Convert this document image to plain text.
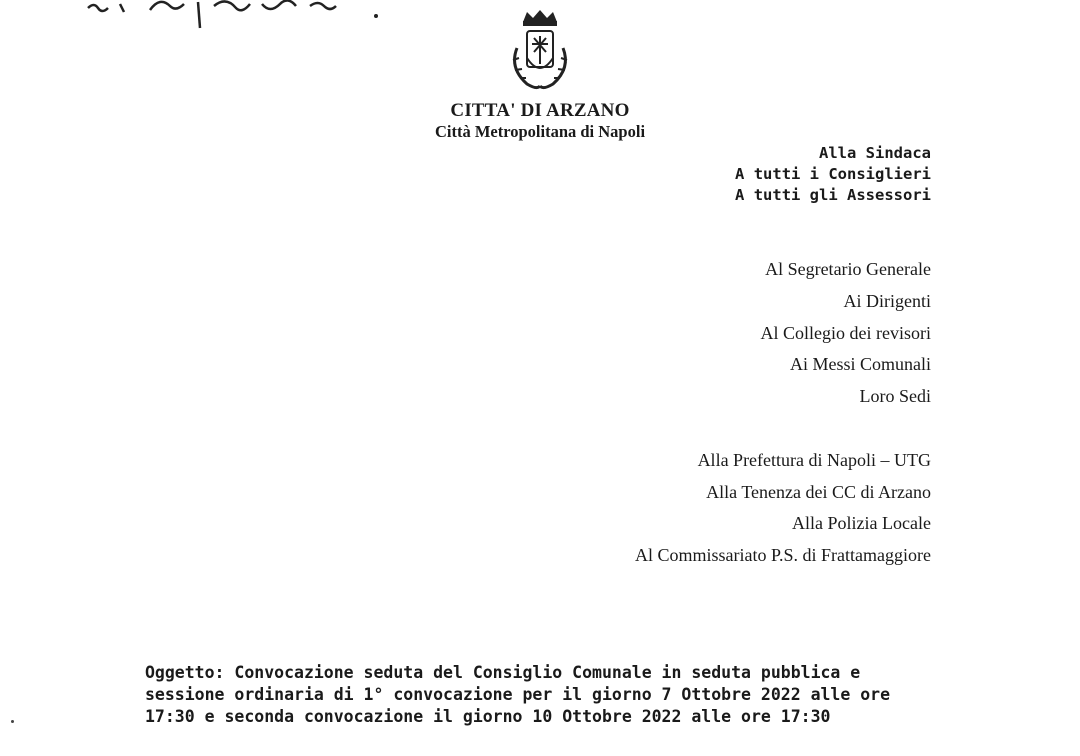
CITTA' DI ARZANO
Città Metropolitana di Napoli
Alla Sindaca
A tutti i Consiglieri
A tutti gli Assessori
Al Segretario Generale
Ai Dirigenti
Al Collegio dei revisori
Ai Messi Comunali
Loro Sedi
Alla Prefettura di Napoli – UTG
Alla Tenenza dei CC di Arzano
Alla Polizia Locale
Al Commissariato P.S. di Frattamaggiore
Oggetto: Convocazione seduta del Consiglio Comunale in seduta pubblica e
sessione ordinaria di 1° convocazione per il giorno 7 Ottobre 2022 alle ore
17:30 e seconda convocazione il giorno 10 Ottobre 2022 alle ore 17:30
